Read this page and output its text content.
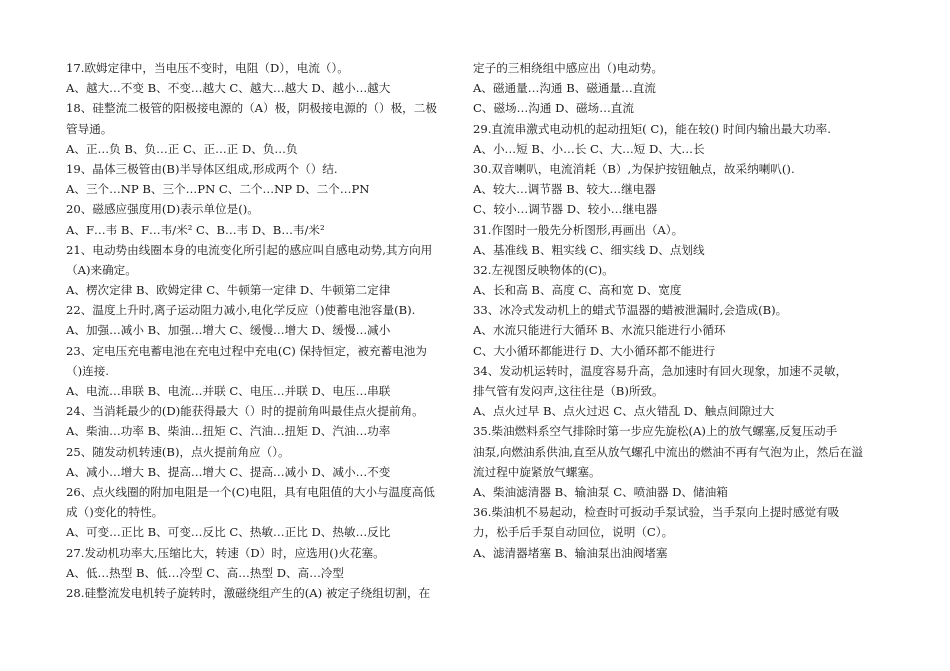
17.欧姆定律中，当电压不变时，电阻（D），电流（）。
A、越大…不变 B、不变…越大 C、越大…越大 D、越小…越大
18、硅整流二极管的阳极接电源的（A）极，阴极接电源的（）极，二极
管导通。
A、正…负 B、负…正 C、正…正 D、负…负
19、晶体三极管由(B)半导体区组成,形成两个（）结.
A、三个…NP B、三个…PN C、二个…NP D、二个…PN
20、磁感应强度用(D)表示单位是()。
A、F…韦 B、F…韦/米² C、B…韦 D、B…韦/米²
21、电动势由线圈本身的电流变化所引起的感应叫自感电动势,其方向用
（A)来确定。
A、楞次定律 B、欧姆定律 C、牛顿第一定律 D、牛顿第二定律
22、温度上升时,离子运动阻力减小,电化学反应（)使蓄电池容量(B).
A、加强…减小 B、加强…增大 C、缓慢…增大 D、缓慢…减小
23、定电压充电蓄电池在充电过程中充电(C) 保持恒定，被充蓄电池为
（)连接.
A、电流…串联 B、电流…并联 C、电压…并联 D、电压…串联
24、当消耗最少的(D)能获得最大（）时的提前角叫最佳点火提前角。
A、柴油…功率 B、柴油…扭矩 C、汽油…扭矩 D、汽油…功率
25、随发动机转速(B)，点火提前角应（）。
A、减小…增大 B、提高…增大 C、提高…减小 D、减小…不变
26、点火线圈的附加电阻是一个(C)电阻，具有电阻值的大小与温度高低
成（)变化的特性。
A、可变…正比 B、可变…反比 C、热敏…正比 D、热敏…反比
27.发动机功率大,压缩比大，转速（D）时，应选用()火花塞。
A、低…热型 B、低…冷型 C、高…热型 D、高…冷型
28.硅整流发电机转子旋转时，激磁绕组产生的(A) 被定子绕组切割，在
定子的三相绕组中感应出（)电动势。
A、磁通量…沟通 B、磁通量…直流
C、磁场…沟通 D、磁场…直流
29.直流串激式电动机的起动扭矩( C)，能在较() 时间内输出最大功率.
A、小…短 B、小…长 C、大…短 D、大…长
30.双音喇叭，电流消耗（B）,为保护按钮触点，故采纳喇叭().
A、较大…调节器 B、较大…继电器
C、较小…调节器 D、较小…继电器
31.作图时一般先分析图形,再画出（A）。
A、基准线 B、粗实线 C、细实线 D、点划线
32.左视图反映物体的(C)。
A、长和高 B、高度 C、高和宽 D、宽度
33、冰冷式发动机上的蜡式节温器的蜡被泄漏时,会造成(B)。
A、水流只能进行大循环 B、水流只能进行小循环
C、大小循环都能进行 D、大小循环都不能进行
34、发动机运转时，温度容易升高，急加速时有回火现象，加速不灵敏，
排气管有发闷声,这往往是（B)所致。
A、点火过早 B、点火过迟 C、点火错乱 D、触点间隙过大
35.柴油燃料系空气排除时第一步应先旋松(A)上的放气螺塞,反复压动手
油泵,向燃油系供油,直至从放气螺孔中流出的燃油不再有气泡为止，然后在溢
流过程中旋紧放气螺塞。
A、柴油滤清器 B、输油泵 C、喷油器 D、储油箱
36.柴油机不易起动，检查时可扳动手泵试验，当手泵向上提时感觉有吸
力，松手后手泵自动回位，说明（C）。
A、滤清器堵塞 B、输油泵出油阀堵塞
